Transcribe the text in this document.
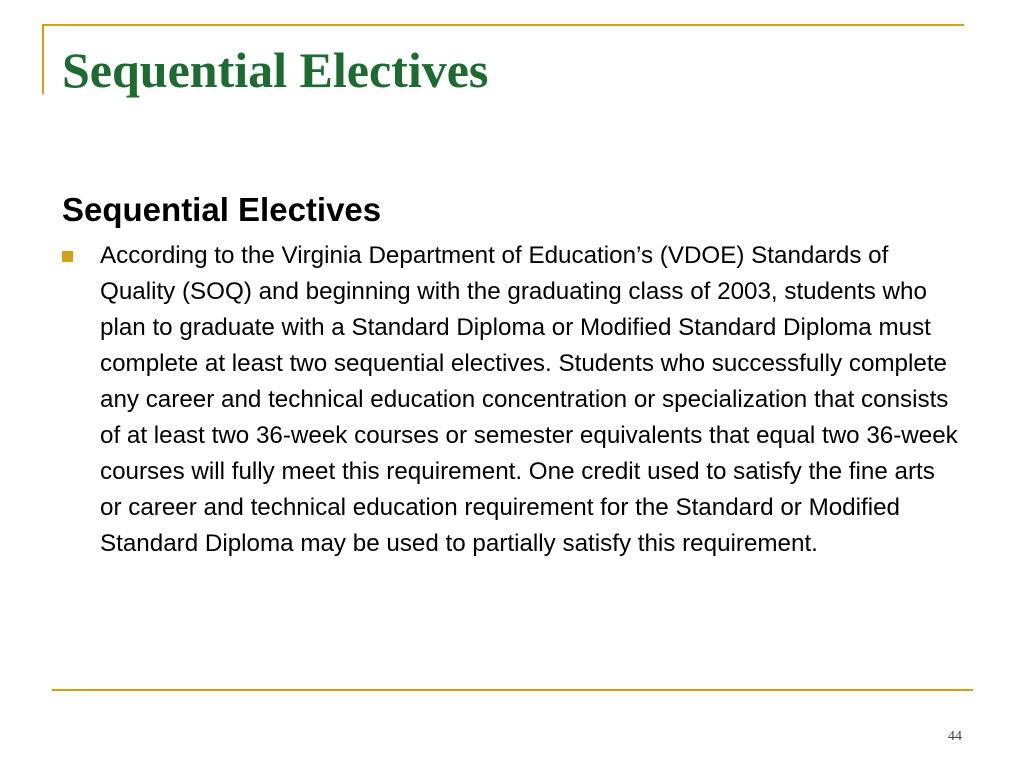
Sequential Electives
Sequential Electives

According to the Virginia Department of Education’s (VDOE) Standards of Quality (SOQ) and beginning with the graduating class of 2003, students who plan to graduate with a Standard Diploma or Modified Standard Diploma must complete at least two sequential electives. Students who successfully complete any career and technical education concentration or specialization that consists of at least two 36-week courses or semester equivalents that equal two 36-week courses will fully meet this requirement. One credit used to satisfy the fine arts or career and technical education requirement for the Standard or Modified Standard Diploma may be used to partially satisfy this requirement.

44
